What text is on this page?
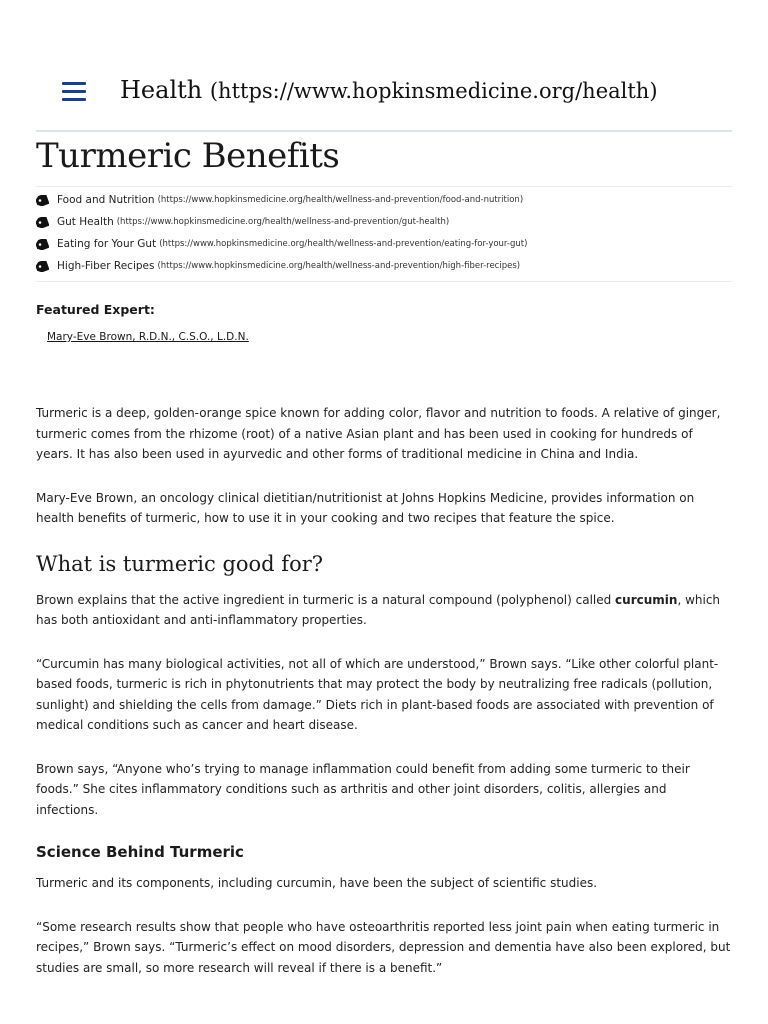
Health (https://www.hopkinsmedicine.org/health)
Turmeric Benefits
Food and Nutrition (https://www.hopkinsmedicine.org/health/wellness-and-prevention/food-and-nutrition)
Gut Health (https://www.hopkinsmedicine.org/health/wellness-and-prevention/gut-health)
Eating for Your Gut (https://www.hopkinsmedicine.org/health/wellness-and-prevention/eating-for-your-gut)
High-Fiber Recipes (https://www.hopkinsmedicine.org/health/wellness-and-prevention/high-fiber-recipes)
Featured Expert:
Mary-Eve Brown, R.D.N., C.S.O., L.D.N.

Turmeric is a deep, golden-orange spice known for adding color, flavor and nutrition to foods. A relative of ginger, turmeric comes from the rhizome (root) of a native Asian plant and has been used in cooking for hundreds of years. It has also been used in ayurvedic and other forms of traditional medicine in China and India.

Mary-Eve Brown, an oncology clinical dietitian/nutritionist at Johns Hopkins Medicine, provides information on health benefits of turmeric, how to use it in your cooking and two recipes that feature the spice.

What is turmeric good for?

Brown explains that the active ingredient in turmeric is a natural compound (polyphenol) called curcumin, which has both antioxidant and anti-inflammatory properties.

“Curcumin has many biological activities, not all of which are understood,” Brown says. “Like other colorful plant-based foods, turmeric is rich in phytonutrients that may protect the body by neutralizing free radicals (pollution, sunlight) and shielding the cells from damage.” Diets rich in plant-based foods are associated with prevention of medical conditions such as cancer and heart disease.

Brown says, “Anyone who’s trying to manage inflammation could benefit from adding some turmeric to their foods.” She cites inflammatory conditions such as arthritis and other joint disorders, colitis, allergies and infections.

Science Behind Turmeric

Turmeric and its components, including curcumin, have been the subject of scientific studies.

“Some research results show that people who have osteoarthritis reported less joint pain when eating turmeric in recipes,” Brown says. “Turmeric’s effect on mood disorders, depression and dementia have also been explored, but studies are small, so more research will reveal if there is a benefit.”
